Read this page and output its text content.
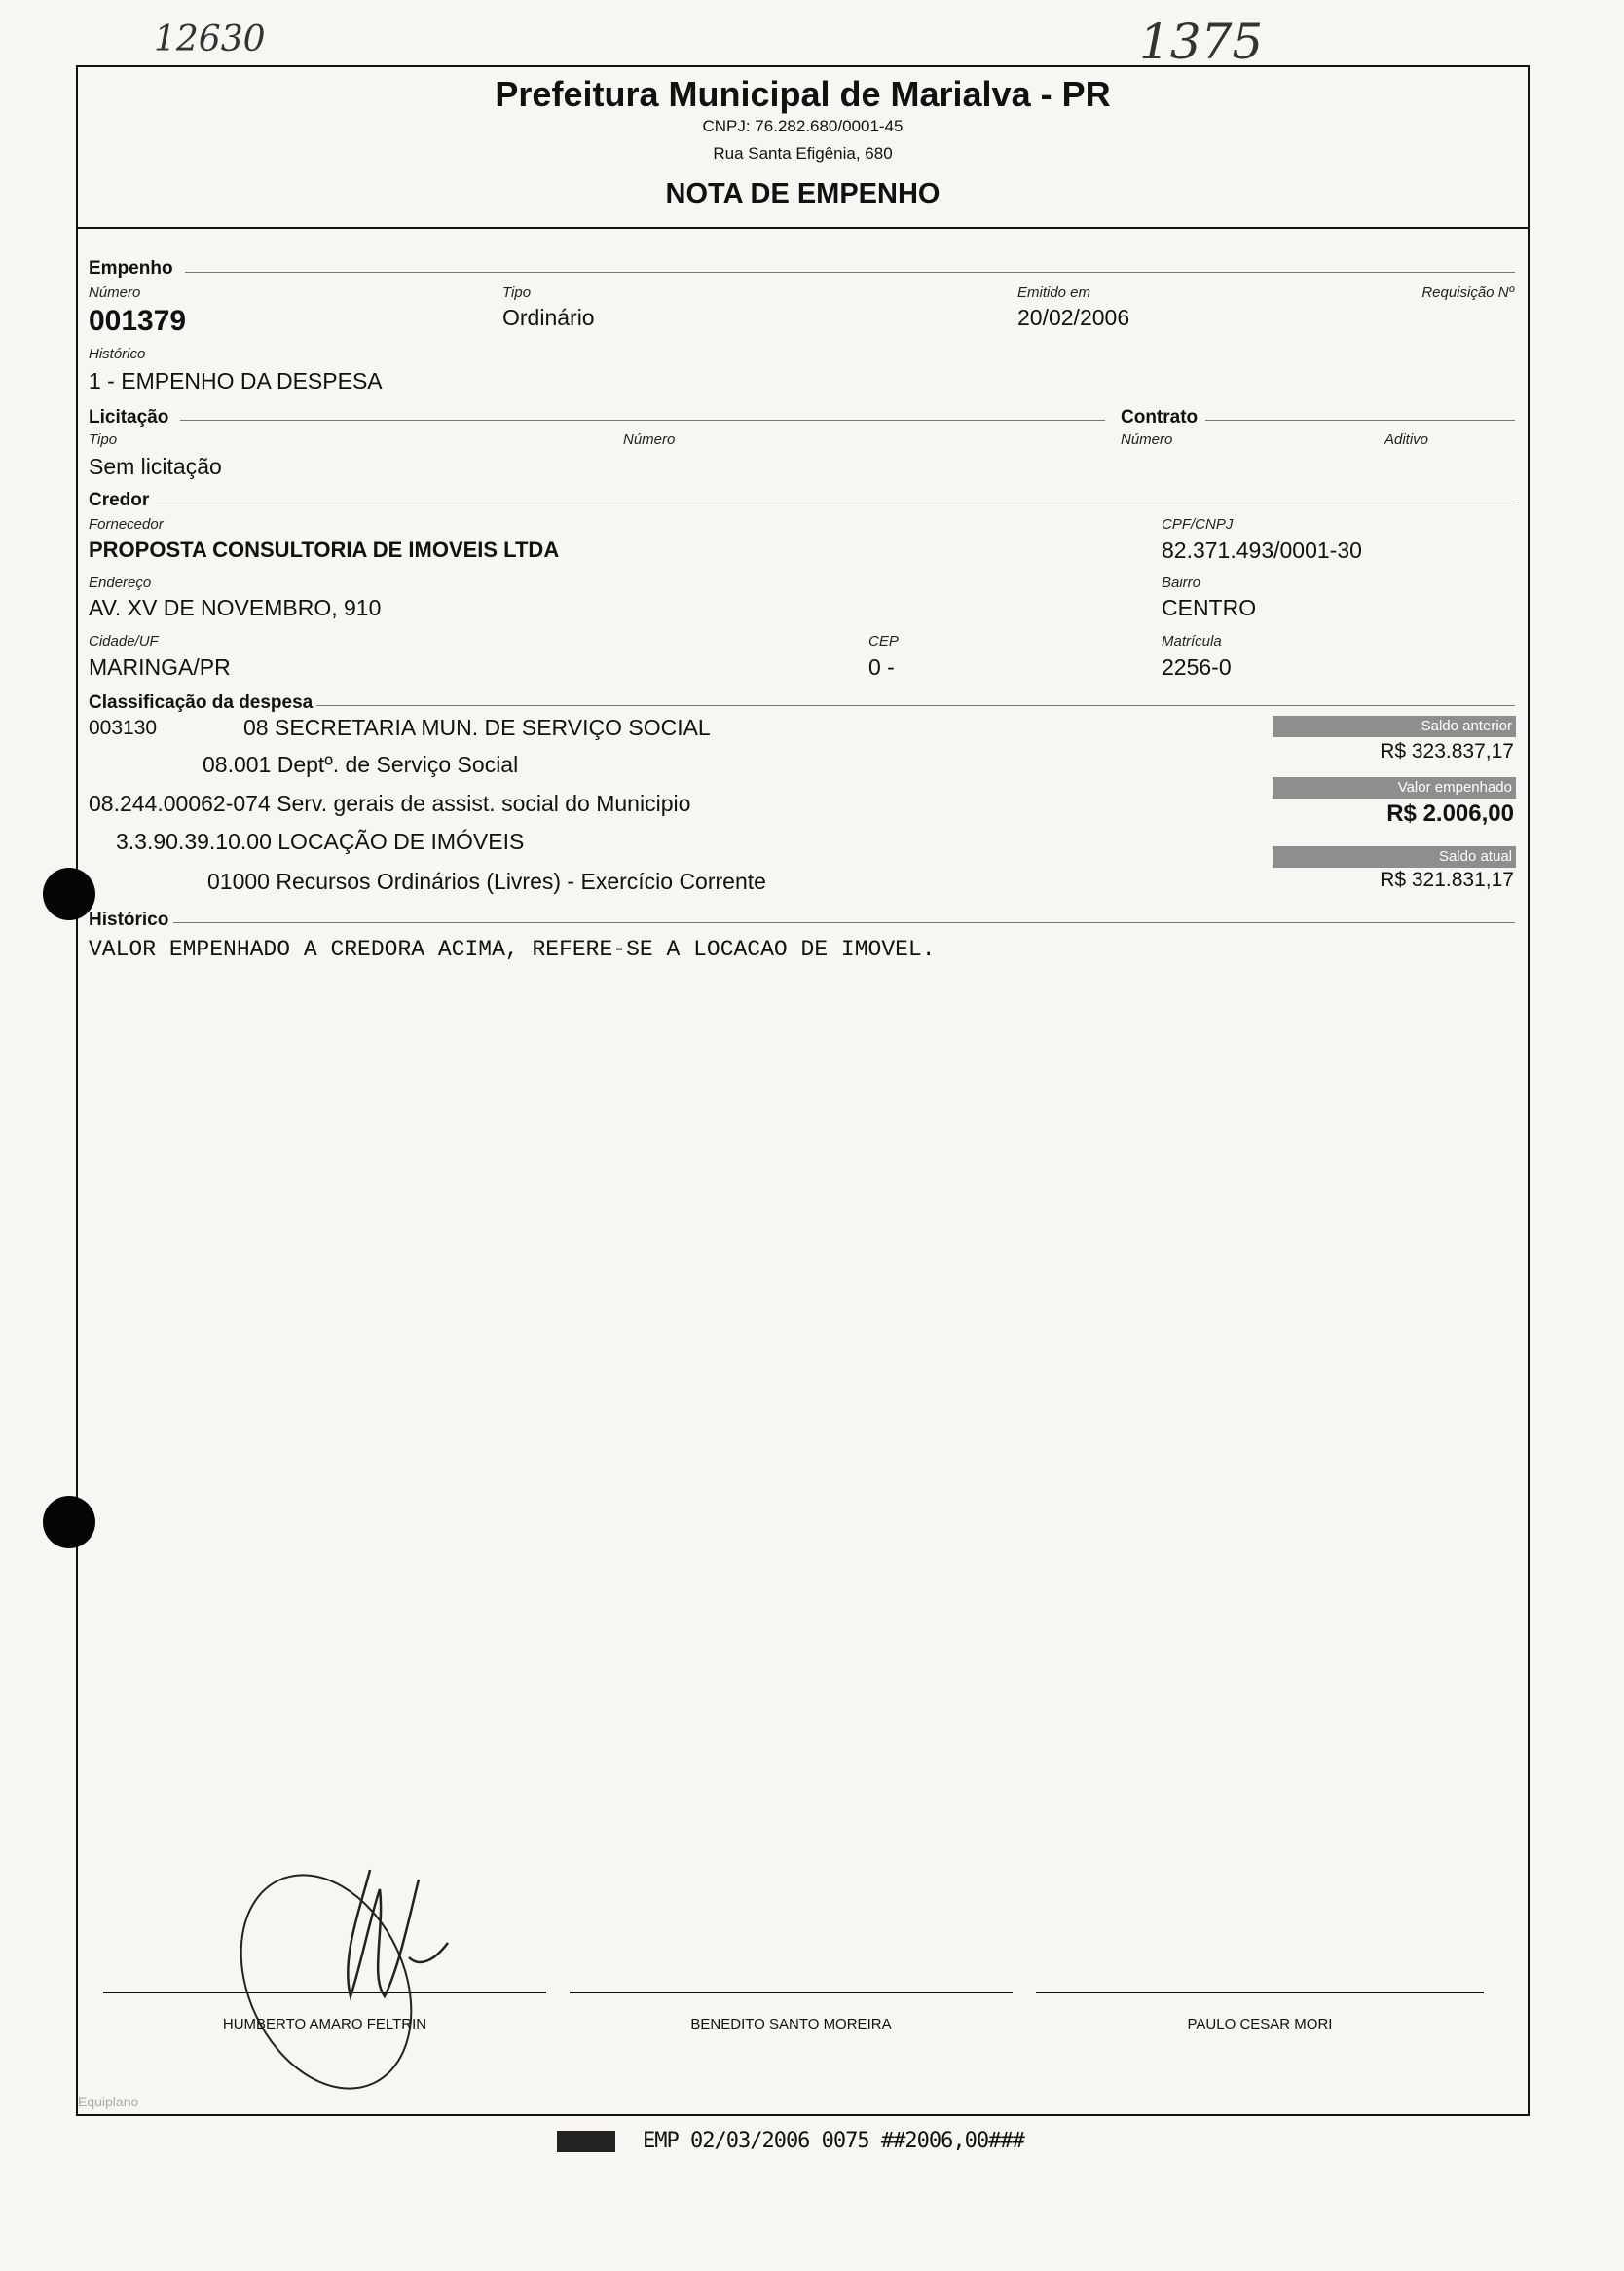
12630	1375
Prefeitura Municipal de Marialva - PR
CNPJ: 76.282.680/0001-45
Rua Santa Efigênia, 680
NOTA DE EMPENHO
Empenho
Número
001379
Tipo
Ordinário
Emitido em
20/02/2006
Requisição Nº
Histórico
1 - EMPENHO DA DESPESA
Licitação	Contrato
Tipo
Sem licitação
Número	Número	Aditivo
Credor
Fornecedor
PROPOSTA CONSULTORIA DE IMOVEIS LTDA
CPF/CNPJ
82.371.493/0001-30
Endereço
AV. XV DE NOVEMBRO, 910
Bairro
CENTRO
Cidade/UF
MARINGA/PR
CEP
0 -
Matrícula
2256-0
Classificação da despesa
003130	08 SECRETARIA MUN. DE SERVIÇO SOCIAL
08.001 Deptº. de Serviço Social
08.244.00062-074 Serv. gerais de assist. social do Municipio
3.3.90.39.10.00 LOCAÇÃO DE IMÓVEIS
01000 Recursos Ordinários (Livres) - Exercício Corrente
Saldo anterior
R$ 323.837,17
Valor empenhado
R$ 2.006,00
Saldo atual
R$ 321.831,17
Histórico
VALOR EMPENHADO A CREDORA ACIMA, REFERE-SE A LOCACAO DE IMOVEL.
HUMBERTO AMARO FELTRIN	BENEDITO SANTO MOREIRA	PAULO CESAR MORI
Equiplano
EMP 02/03/2006 0075 ##2006,00###
